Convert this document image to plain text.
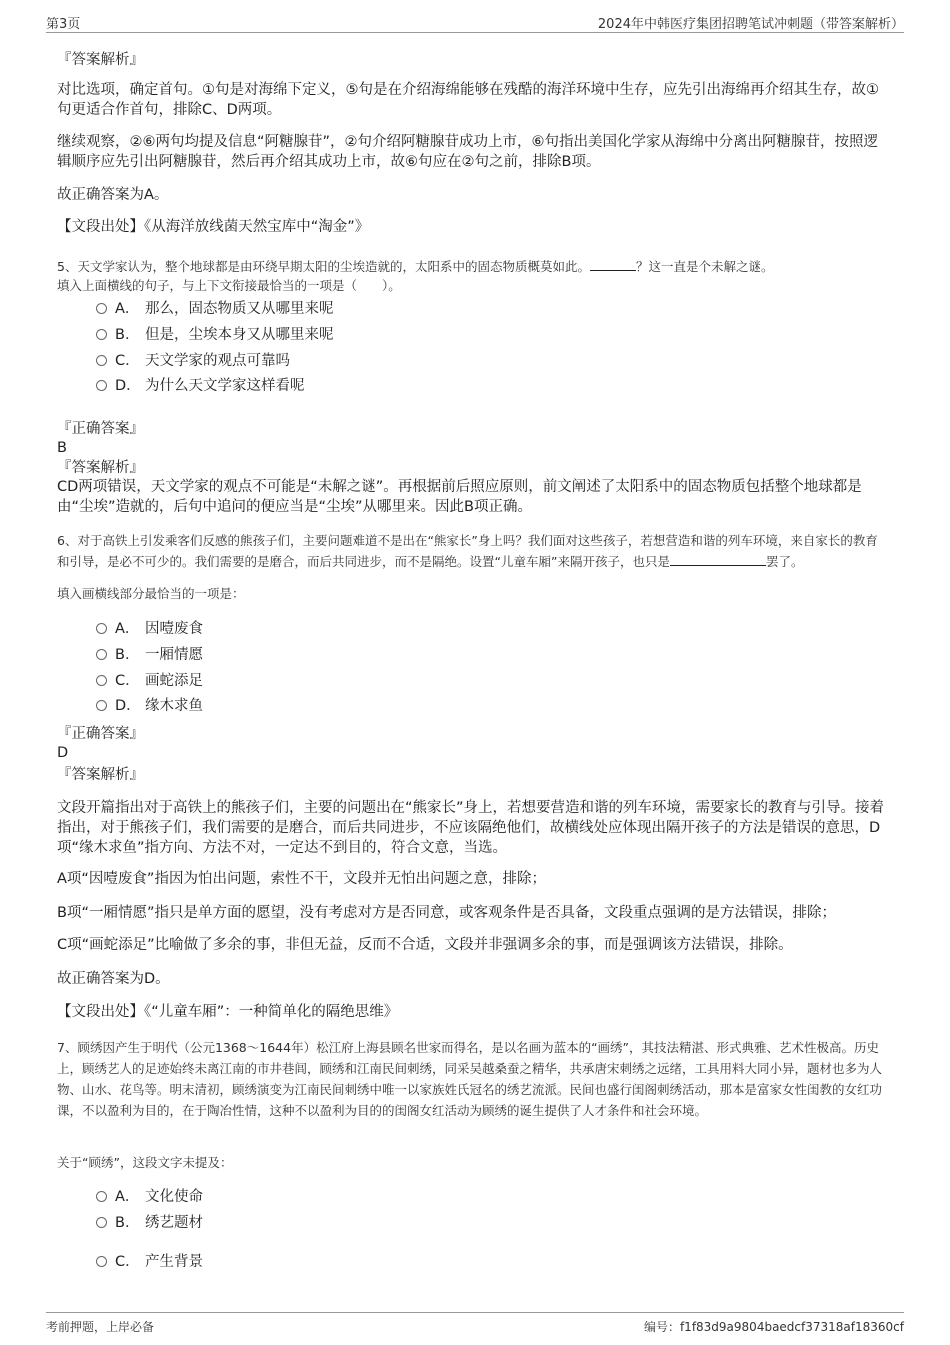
第3页	2024年中韩医疗集团招聘笔试冲刺题（带答案解析）

『答案解析』

对比选项，确定首句。①句是对海绵下定义，⑤句是在介绍海绵能够在残酷的海洋环境中生存，应先引出海绵再介绍其生存，故①句更适合作首句，排除C、D两项。

继续观察，②⑥两句均提及信息“阿糖腺苷”，②句介绍阿糖腺苷成功上市，⑥句指出美国化学家从海绵中分离出阿糖腺苷，按照逻辑顺序应先引出阿糖腺苷，然后再介绍其成功上市，故⑥句应在②句之前，排除B项。

故正确答案为A。

【文段出处】《从海洋放线菌天然宝库中“淘金”》

5、天文学家认为，整个地球都是由环绕早期太阳的尘埃造就的，太阳系中的固态物质概莫如此。	？这一直是个未解之谜。

填入上面横线的句子，与上下文衔接最恰当的一项是（　　）。

A． 那么，固态物质又从哪里来呢
B． 但是，尘埃本身又从哪里来呢
C． 天文学家的观点可靠吗
D． 为什么天文学家这样看呢

『正确答案』

B

『答案解析』

CD两项错误，天文学家的观点不可能是“未解之谜”。再根据前后照应原则，前文阐述了太阳系中的固态物质包括整个地球都是由“尘埃”造就的，后句中追问的便应当是“尘埃”从哪里来。因此B项正确。

6、对于高铁上引发乘客们反感的熊孩子们，主要问题难道不是出在“熊家长”身上吗？我们面对这些孩子，若想营造和谐的列车环境，来自家长的教育和引导，是必不可少的。我们需要的是磨合，而后共同进步，而不是隔绝。设置“儿童车厢”来隔开孩子，也只是	罢了。

填入画横线部分最恰当的一项是：

A． 因噎废食
B． 一厢情愿
C． 画蛇添足
D． 缘木求鱼

『正确答案』

D

『答案解析』

文段开篇指出对于高铁上的熊孩子们，主要的问题出在“熊家长”身上，若想要营造和谐的列车环境，需要家长的教育与引导。接着指出，对于熊孩子们，我们需要的是磨合，而后共同进步，不应该隔绝他们，故横线处应体现出隔开孩子的方法是错误的意思，D项“缘木求鱼”指方向、方法不对，一定达不到目的，符合文意，当选。

A项“因噎废食”指因为怕出问题，索性不干，文段并无怕出问题之意，排除；

B项“一厢情愿”指只是单方面的愿望，没有考虑对方是否同意，或客观条件是否具备，文段重点强调的是方法错误，排除；

C项“画蛇添足”比喻做了多余的事，非但无益，反而不合适，文段并非强调多余的事，而是强调该方法错误，排除。

故正确答案为D。

【文段出处】《“儿童车厢”：一种简单化的隔绝思维》

7、顾绣因产生于明代（公元1368～1644年）松江府上海县顾名世家而得名，是以名画为蓝本的“画绣”，其技法精湛、形式典雅、艺术性极高。历史上，顾绣艺人的足迹始终未离江南的市井巷闾，顾绣和江南民间刺绣，同采吴越桑蚕之精华，共承唐宋刺绣之远绪，工具用料大同小异，题材也多为人物、山水、花鸟等。明末清初，顾绣演变为江南民间刺绣中唯一以家族姓氏冠名的绣艺流派。民间也盛行闺阁刺绣活动，那本是富家女性闺教的女红功课，不以盈利为目的，在于陶冶性情，这种不以盈利为目的的闺阁女红活动为顾绣的诞生提供了人才条件和社会环境。

关于“顾绣”，这段文字未提及：

A． 文化使命
B． 绣艺题材
C． 产生背景
考前押题，上岸必备	编号：f1f83d9a9804baedcf37318af18360cf
